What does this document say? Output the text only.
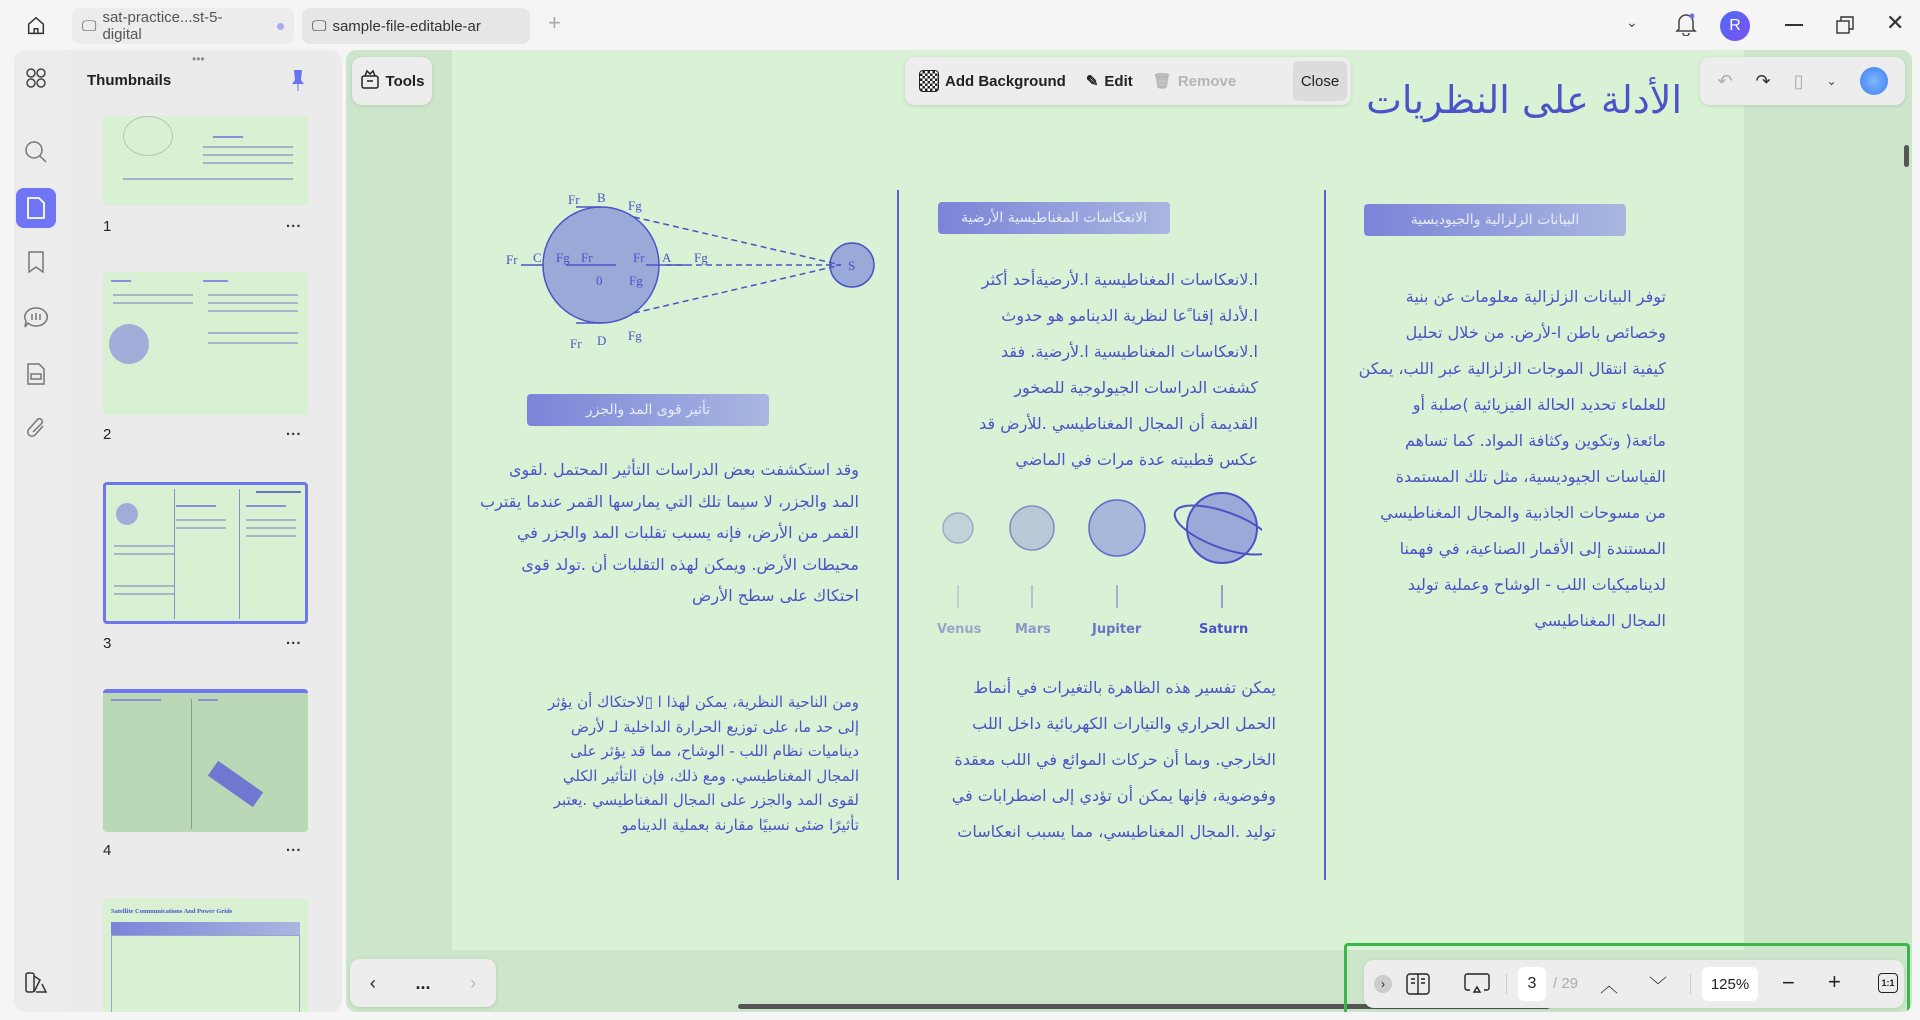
🖵 sat-practice...st-5-digital	🖵 sample-file-editable-ar	+	⌄	R	✕
•••
Thumbnails
1	...
2	...
3	...
4	...
Satellite Communications And Power Grids
الأدلة على النظريات
البيانات الزلزالية والجيوديسية
توفر البيانات الزلزالية معلومات عن بنية
وخصائص باطن ا-لأرض. من خلال تحليل
كيفية انتقال الموجات الزلزالية عبر اللب، يمكن
للعلماء تحديد الحالة الفيزيائية )صلبة أو
مائعة( وتكوين وكثافة المواد. كما تساهم
القياسات الجيوديسية، مثل تلك المستمدة
من مسوحات الجاذبية والمجال المغناطيسي
المستندة إلى الأقمار الصناعية، في فهمنا
لديناميكيات اللب - الوشاح وعملية توليد
المجال المغناطيسي
الانعكاسات المغناطيسية الأرضية
ا.لانعكاسات المغناطيسية ا.لأرضيةأحد أكثر
ا.لأدلة إقنا ًعا لنظرية الدينامو هو حدوث
ا.لانعكاسات المغناطيسية ا.لأرضية. فقد
كشفت الدراسات الجيولوجية للصخور
القديمة أن المجال المغناطيسي .للأرض قد
عكس قطبيته عدة مرات في الماضي
Venus	Mars	Jupiter	Saturn
يمكن تفسير هذه الظاهرة بالتغيرات في أنماط
الحمل الحراري والتيارات الكهربائية داخل اللب
الخارجي. وبما أن حركات الموائع في اللب معقدة
وفوضوية، فإنها يمكن أن تؤدي إلى اضطرابات في
توليد .المجال المغناطيسي، مما يسبب انعكاسات
Fr C Fg Fr
0 Fg
Fr A Fg
Fr B
Fg
Fr D Fg
S
تأثير قوى المد والجزر
وقد استكشفت بعض الدراسات التأثير المحتمل .لقوى
المد والجزر، لا سيما تلك التي يمارسها القمر عندما يقترب
القمر من الأرض، فإنه يسبب تقلبات المد والجزر في
محيطات الأرض. ويمكن لهذه التقلبات أن .تولد قوى
احتكاك على سطح الأرض
ومن الناحية النظرية، يمكن لهذا ا ▯لاحتكاك أن يؤثر
إلى حد ما، على توزيع الحرارة الداخلية لـ لأرض
ديناميات نظام اللب - الوشاح، مما قد يؤثر على
المجال المغناطيسي. ومع ذلك، فإن التأثير الكلي
لقوى المد والجزر على المجال المغناطيسي .يعتبر
تأثيرًا ضئى نسبيًا مقارنة بعملية الدينامو
Tools	Add Background ✎ Edit 🗑 Remove	Close	↶ ↷ ▯ ⌄
‹ ... ›	›	3	/ 29 ︿ ﹀	125%	− +	1:1
